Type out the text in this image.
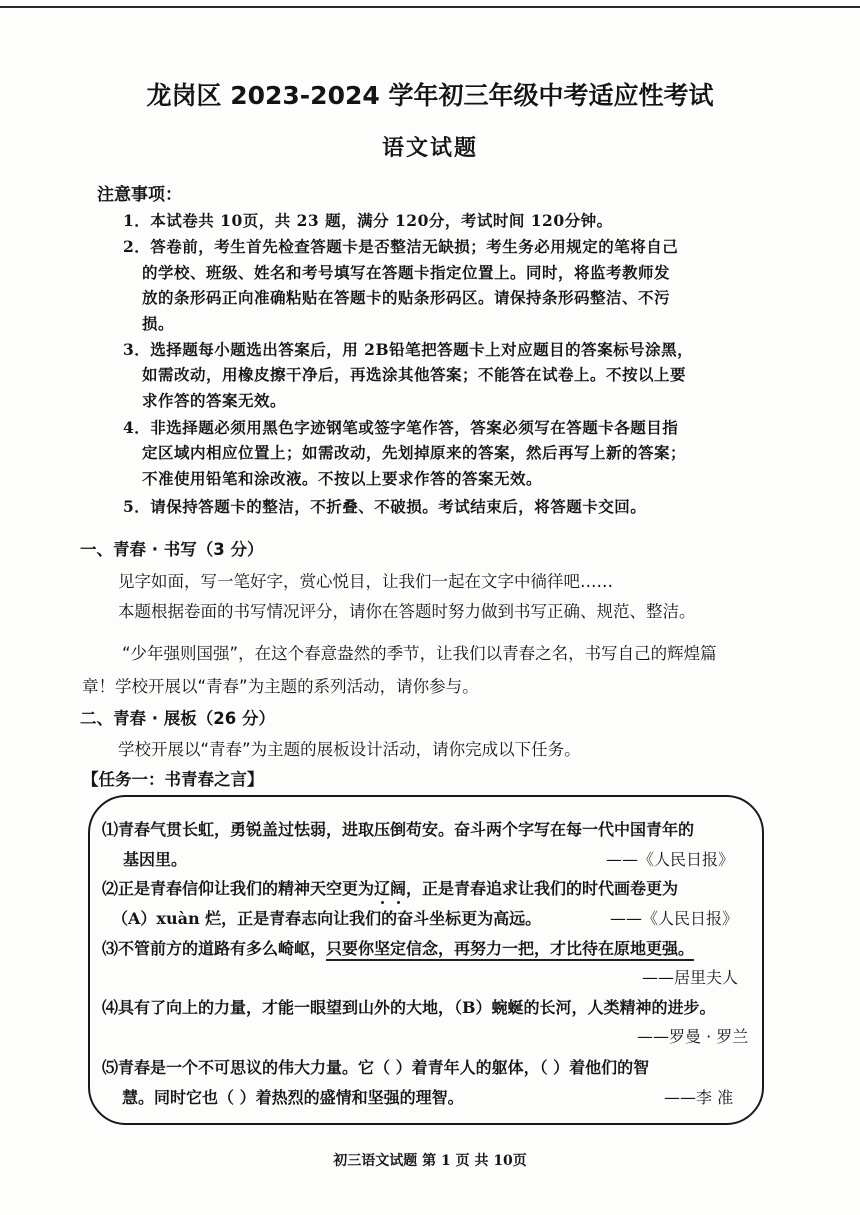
龙岗区 2023-2024 学年初三年级中考适应性考试
语文试题
注意事项：
1．本试卷共 10页，共 23 题，满分 120分，考试时间 120分钟。
2．答卷前，考生首先检查答题卡是否整洁无缺损；考生务必用规定的笔将自己
的学校、班级、姓名和考号填写在答题卡指定位置上。同时，将监考教师发
放的条形码正向准确粘贴在答题卡的贴条形码区。请保持条形码整洁、不污
损。
3．选择题每小题选出答案后，用 2B铅笔把答题卡上对应题目的答案标号涂黑，
如需改动，用橡皮擦干净后，再选涂其他答案；不能答在试卷上。不按以上要
求作答的答案无效。
4．非选择题必须用黑色字迹钢笔或签字笔作答，答案必须写在答题卡各题目指
定区域内相应位置上；如需改动，先划掉原来的答案，然后再写上新的答案；
不准使用铅笔和涂改液。不按以上要求作答的答案无效。
5．请保持答题卡的整洁，不折叠、不破损。考试结束后，将答题卡交回。
一、青春 · 书写（3 分）
见字如面，写一笔好字，赏心悦目，让我们一起在文字中徜徉吧……
本题根据卷面的书写情况评分，请你在答题时努力做到书写正确、规范、整洁。
“少年强则国强”，在这个春意盎然的季节，让我们以青春之名，书写自己的辉煌篇
章！学校开展以“青春”为主题的系列活动，请你参与。
二、青春 · 展板（26 分）
学校开展以“青春”为主题的展板设计活动，请你完成以下任务。
【任务一：书青春之言】
⑴青春气贯长虹，勇锐盖过怯弱，进取压倒苟安。奋斗两个字写在每一代中国青年的
基因里。	——《人民日报》
⑵正是青春信仰让我们的精神天空更为辽阔，正是青春追求让我们的时代画卷更为
（A）xuàn 烂，正是青春志向让我们的奋斗坐标更为高远。	——《人民日报》
⑶不管前方的道路有多么崎岖，只要你坚定信念，再努力一把，才比待在原地更强。
——居里夫人
⑷具有了向上的力量，才能一眼望到山外的大地，（B）蜿蜒的长河，人类精神的进步。
——罗曼 · 罗兰
⑸青春是一个不可思议的伟大力量。它（ ）着青年人的躯体，（ ）着他们的智
慧。同时它也（ ）着热烈的盛情和坚强的理智。	——李 准
初三语文试题 第 1 页 共 10页
